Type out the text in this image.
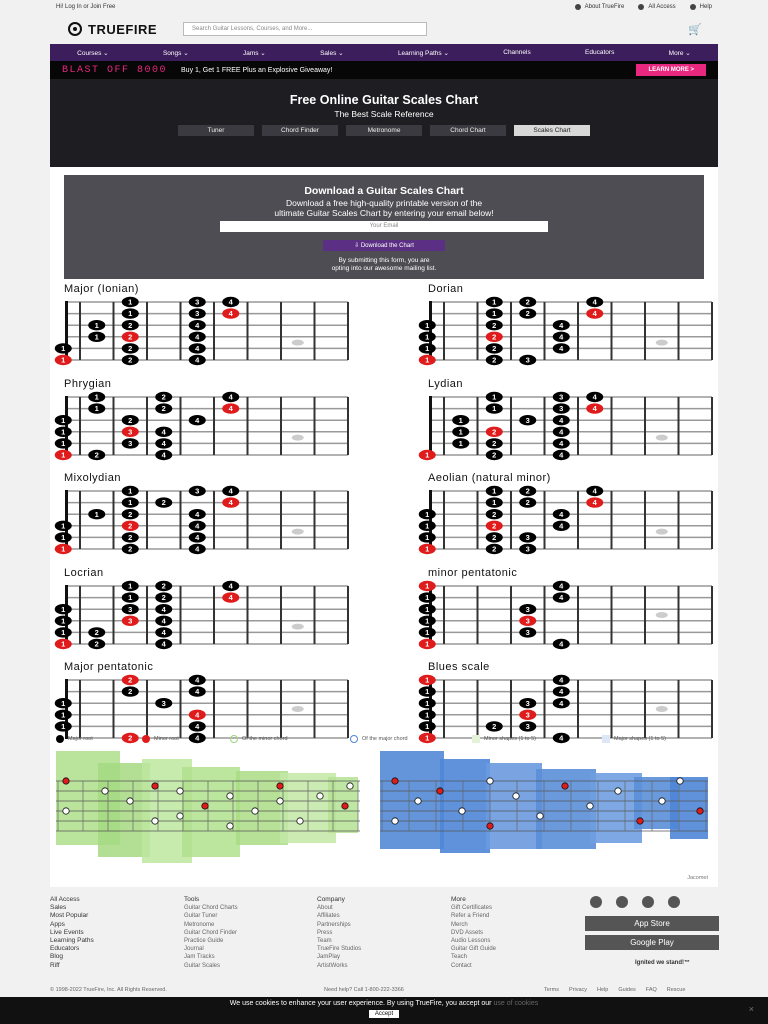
Hi! Log In or Join Free	About TrueFire	All Access	Help
TRUEFIRE	Search Guitar Lessons, Courses, and More...	🛒
Courses ⌄	Songs ⌄	Jams ⌄	Sales ⌄	Learning Paths ⌄	Channels	Educators	More ⌄
BLAST OFF 8000 Buy 1, Get 1 FREE Plus an Explosive Giveaway!	LEARN MORE >
Free Online Guitar Scales Chart
The Best Scale Reference
Tuner	Chord Finder	Metronome	Chord Chart	Scales Chart
Download a Guitar Scales Chart

Download a free high-quality printable version of the

ultimate Guitar Scales Chart by entering your email below!

Your Email
⇩ Download the Chart

By submitting this form, you are

opting into our awesome mailing list.

Major (Ionian)
1	3	4
1	3	4
1	2	4
1	2	4
1	2	4
1	2	4
Dorian
1	2	4
1	2	4
1	2	4
1	2	4
1	2	4
1	2	3
Phrygian
1	2	4
1	2	4
1	2	4
1	3	4
1	3	4
1	2	4
Lydian
1	3	4
1	3	4
1	3	4
1	2	4
1	2	4
1	2	4
Mixolydian
1	3	4
1	2	4
1	2	4
1	2	4
1	2	4
1	2	4
Aeolian (natural minor)
1	2	4
1	2	4
1	2	4
1	2	4
1	2	3
1	2	3
Locrian
1	2	4
1	2	4
1	3	4
1	3	4
1	2	4
1	2	4
minor pentatonic
1	4
1	4
1	3
1	3
1	3
1	4
Major pentatonic
2	4
2	4
1	3
1	4
1	4
2	4
Blues scale
1	4
1	4
1	3	4
1	3
1	2	3
1	4
Major root	Minor root	Of the minor chord	Of the major chord	Minor shapes (1 to 5)	Major shapes (1 to 5)
Jacomet
All Access
Sales
Most Popular
Apps
Live Events
Learning Paths
Educators
Blog
Riff
Tools
Guitar Chord Charts
Guitar Tuner
Metronome
Guitar Chord Finder
Practice Guide
Journal
Jam Tracks
Guitar Scales
Company
About
Affiliates
Partnerships
Press
Team
TrueFire Studios
JamPlay
ArtistWorks
More
Gift Certificates
Refer a Friend
Merch
DVD Assets
Audio Lessons
Guitar Gift Guide
Teach
Contact
App Store
Google Play
Ignited we stand!™
© 1998-2022 TrueFire, Inc. All Rights Reserved.	Need help? Call 1-800-222-3366	Terms Privacy Help Guides FAQ Rescue
We use cookies to enhance your user experience. By using TrueFire, you accept our use of cookies
Accept	×
